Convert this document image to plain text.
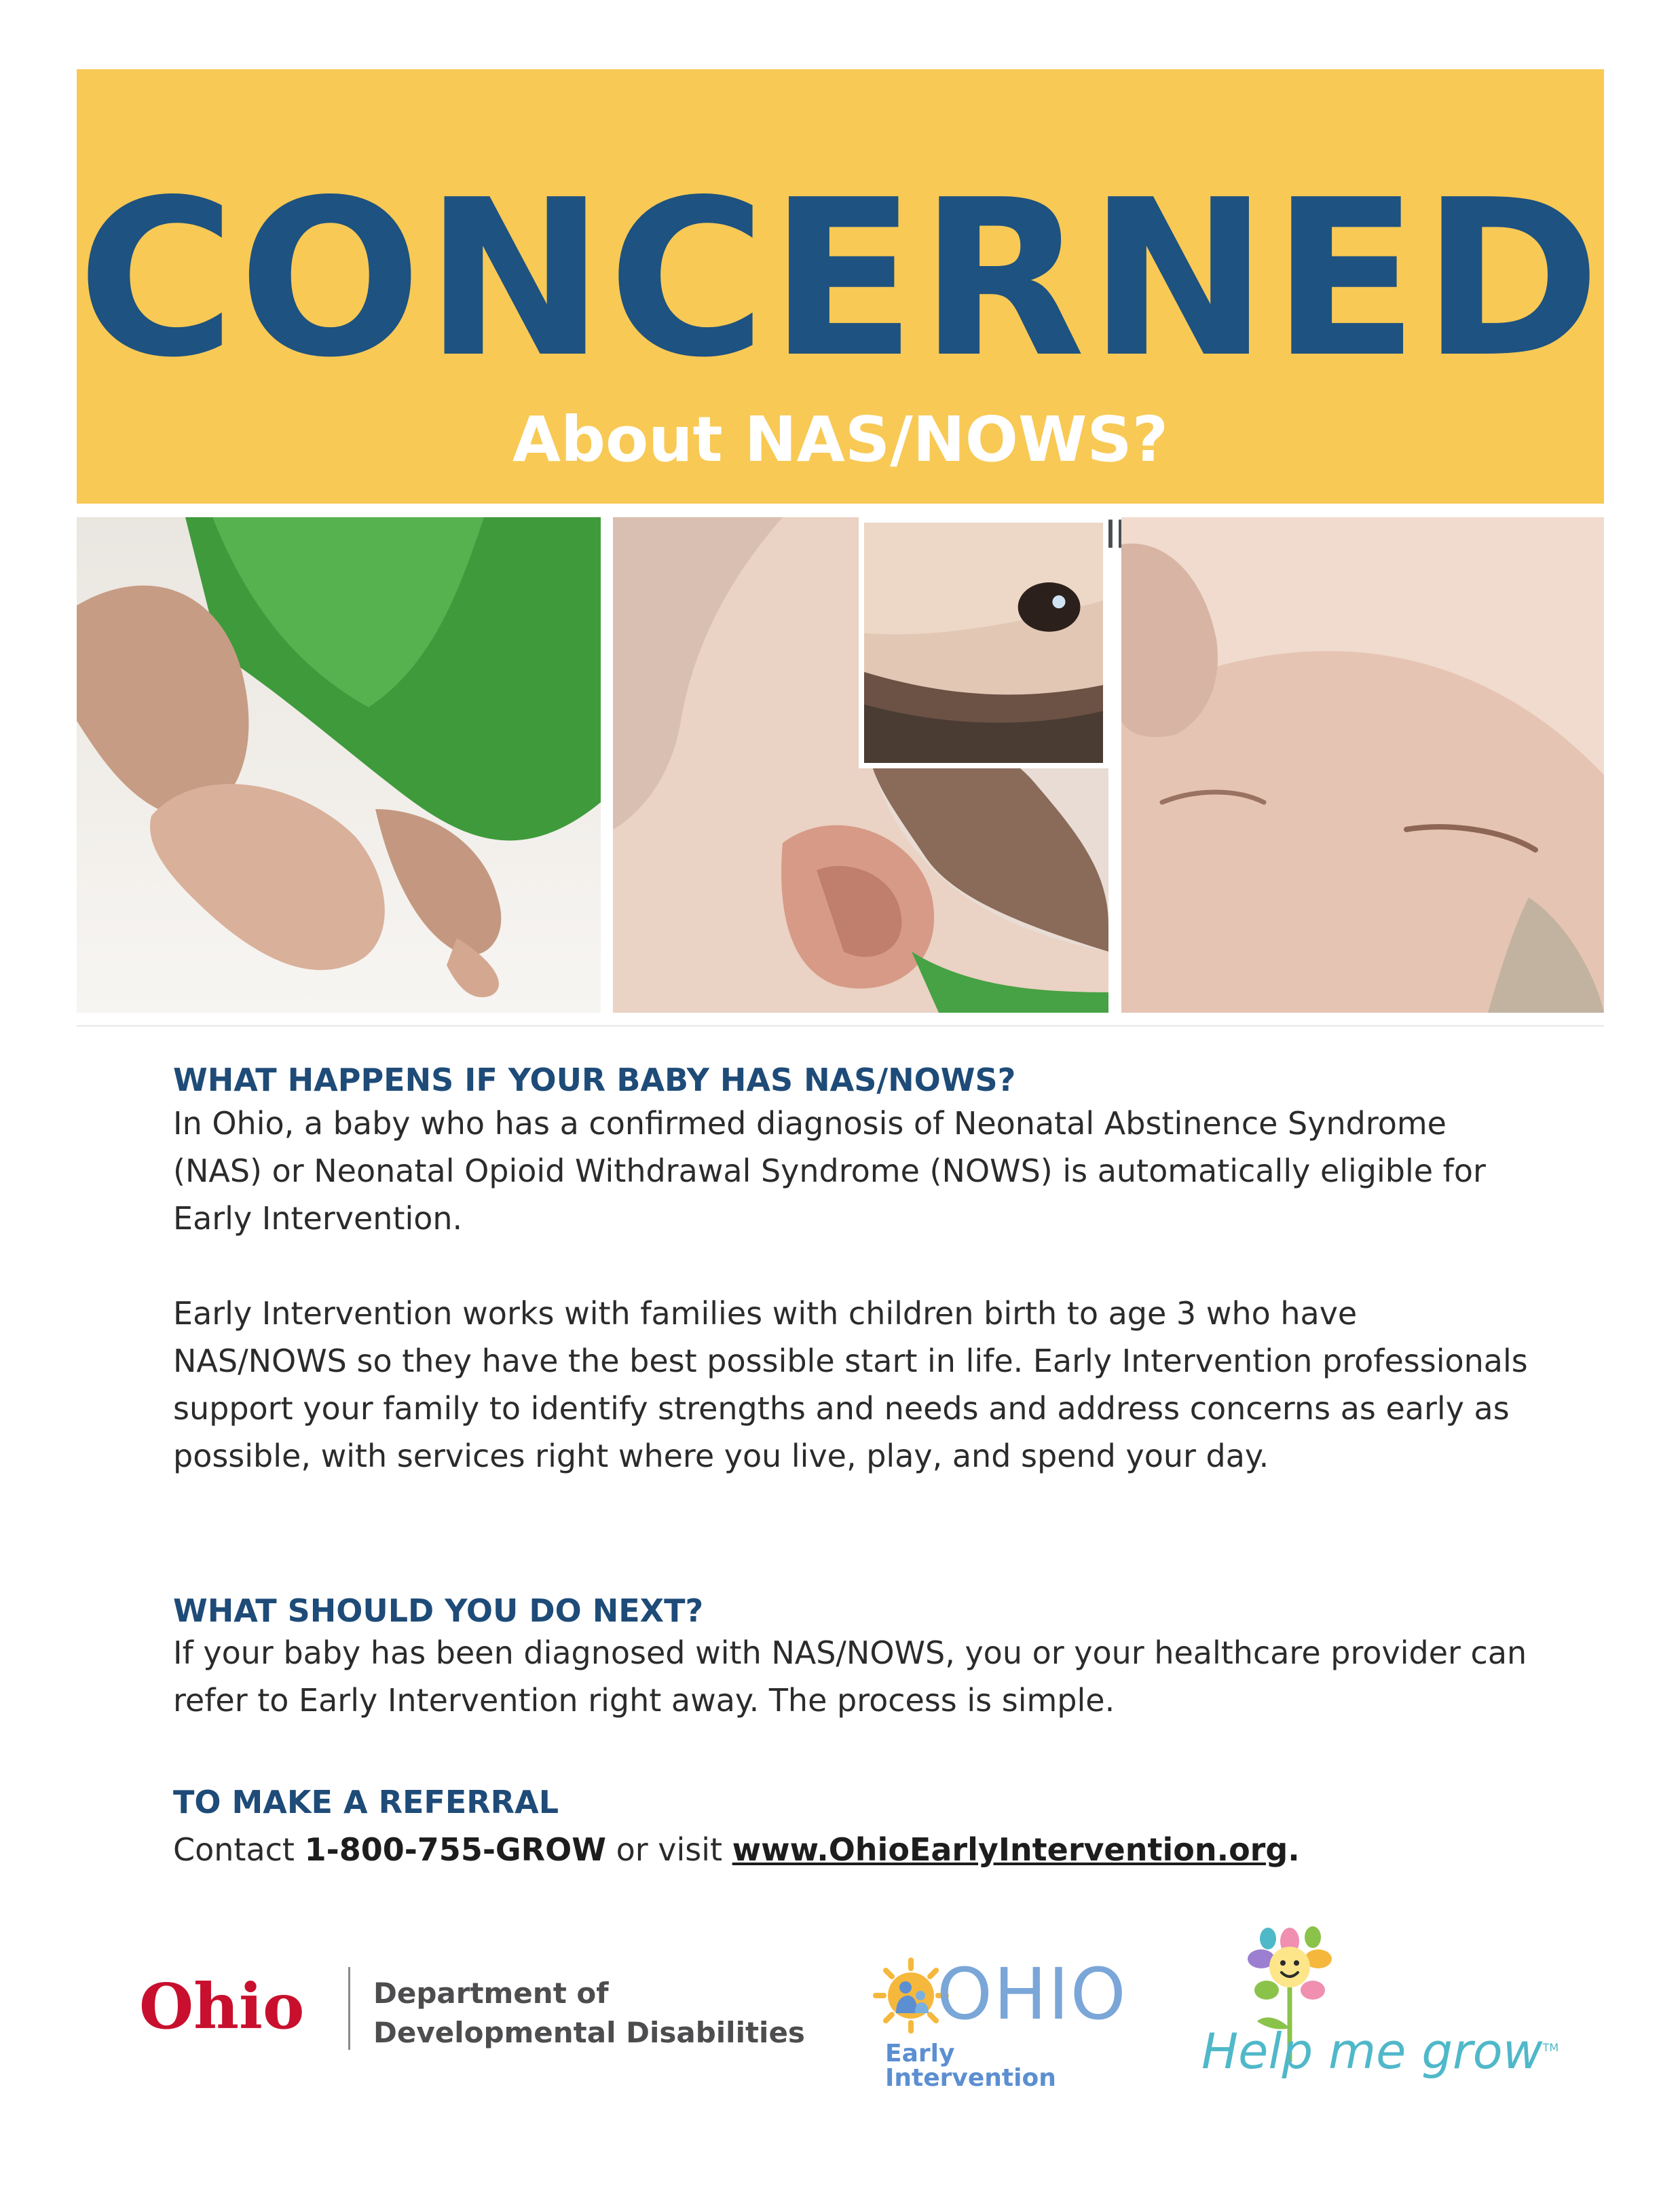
CONCERNED
About NAS/NOWS?
WHAT HAPPENS IF YOUR BABY HAS NAS/NOWS?

In Ohio, a baby who has a confirmed diagnosis of Neonatal Abstinence Syndrome (NAS) or Neonatal Opioid Withdrawal Syndrome (NOWS) is automatically eligible for Early Intervention.

Early Intervention works with families with children birth to age 3 who have NAS/NOWS so they have the best possible start in life. Early Intervention professionals support your family to identify strengths and needs and address concerns as early as possible, with services right where you live, play, and spend your day.

WHAT SHOULD YOU DO NEXT?

If your baby has been diagnosed with NAS/NOWS, you or your healthcare provider can refer to Early Intervention right away. The process is simple.

TO MAKE A REFERRAL

Contact 1-800-755-GROW or visit www.OhioEarlyIntervention.org.

Ohio Department of
Developmental Disabilities OHIO
Early Intervention	Help me grow™
